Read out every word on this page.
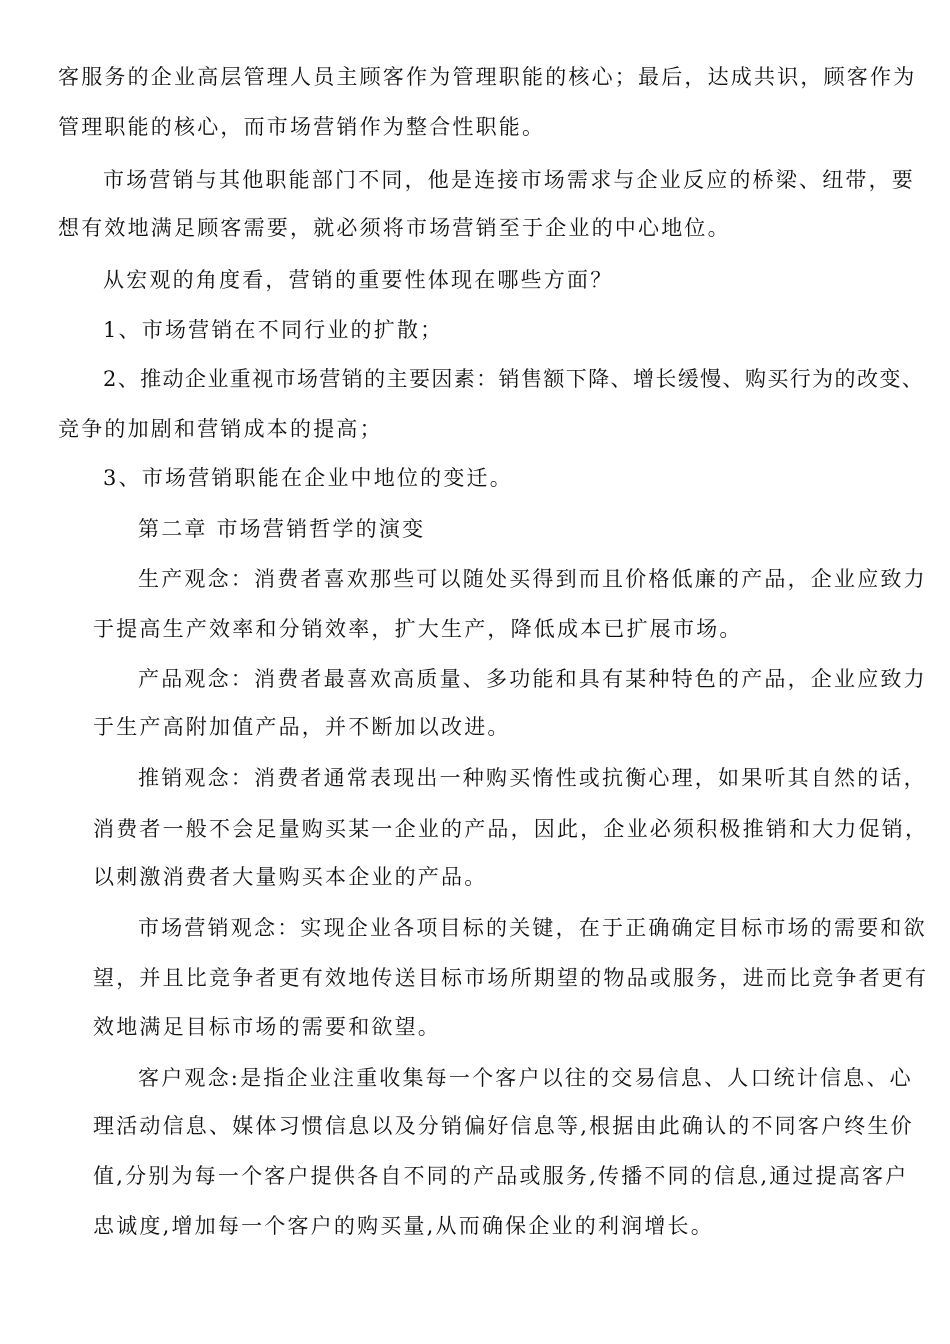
客服务的企业高层管理人员主顾客作为管理职能的核心；最后，达成共识，顾客作为
管理职能的核心，而市场营销作为整合性职能。
市场营销与其他职能部门不同，他是连接市场需求与企业反应的桥梁、纽带，要
想有效地满足顾客需要，就必须将市场营销至于企业的中心地位。
从宏观的角度看，营销的重要性体现在哪些方面？
1、市场营销在不同行业的扩散；
2、推动企业重视市场营销的主要因素：销售额下降、增长缓慢、购买行为的改变、
竞争的加剧和营销成本的提高；
3、市场营销职能在企业中地位的变迁。
第二章 市场营销哲学的演变
生产观念：消费者喜欢那些可以随处买得到而且价格低廉的产品，企业应致力
于提高生产效率和分销效率，扩大生产，降低成本已扩展市场。
产品观念：消费者最喜欢高质量、多功能和具有某种特色的产品，企业应致力
于生产高附加值产品，并不断加以改进。
推销观念：消费者通常表现出一种购买惰性或抗衡心理，如果听其自然的话，
消费者一般不会足量购买某一企业的产品，因此，企业必须积极推销和大力促销，
以刺激消费者大量购买本企业的产品。
市场营销观念：实现企业各项目标的关键，在于正确确定目标市场的需要和欲
望，并且比竞争者更有效地传送目标市场所期望的物品或服务，进而比竞争者更有
效地满足目标市场的需要和欲望。
客户观念:是指企业注重收集每一个客户以往的交易信息、人口统计信息、心
理活动信息、媒体习惯信息以及分销偏好信息等,根据由此确认的不同客户终生价
值,分别为每一个客户提供各自不同的产品或服务,传播不同的信息,通过提高客户
忠诚度,增加每一个客户的购买量,从而确保企业的利润增长。
